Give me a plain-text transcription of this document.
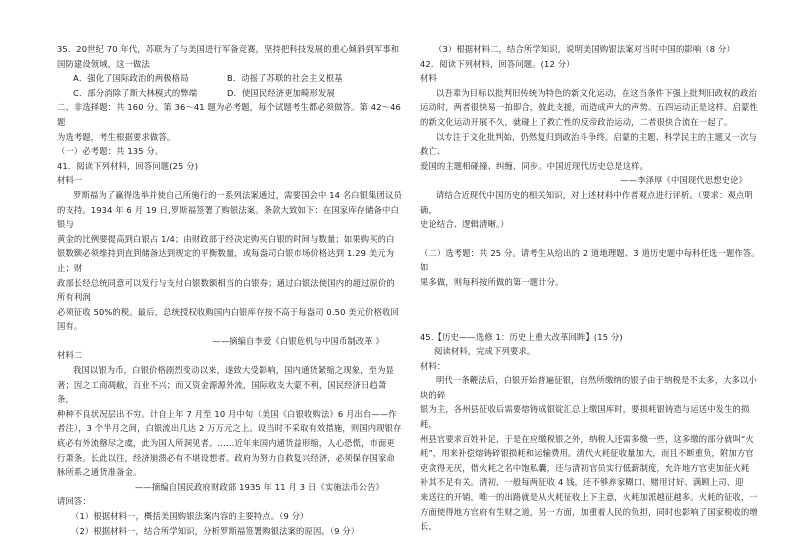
35．20世纪 70 年代，苏联为了与美国进行军备竞赛，坚持把科技发展的重心倾斜到军事和

国防建设领域，这一做法

A．强化了国际政治的两极格局	B．动摇了苏联的社会主义根基
C．部分消除了斯大林模式的弊端	D．使国民经济更加畸形发展

二、非选择题：共 160 分。第 36～41 题为必考题，每个试题考生都必须做答。第 42～46 题

为选考题，考生根据要求做答。

（一）必考题：共 135 分。

41．阅读下列材料，回答问题(25 分)

材料一

罗斯福为了赢得选举并使自己所施行的一系列法案通过，需要国会中 14 名白银集团议员

的支持。1934 年 6 月 19 日,罗斯福签署了购银法案。条款大致如下：在国家库存储备中白银与

黄金的比例要提高到白银占 1/4；由财政部于经决定购买白银的时间与数量；如果购买的白

银数额必须维持到直到储备达到规定的平衡数量，或每盎司白银市场价格达到 1.29 美元为止；财

政部长经总统同意可以发行与支付白银数额相当的白银券；通过白银法使国内的超过原价的所有利润

必须征收 50%的税。最后，总统授权收购国内白银库存按不高于每盎司 0.50 美元价格收回国有。

——摘编自李爱《白银危机与中国币制改革 》

材料二

我国以银为币，白银价格剧烈变动以来，遂致大受影响，国内通货紧缩之现象，至为显

著；因之工商凋敝，百业不兴；而又资金源源外流，国际收支大蒙不利，国民经济日趋萧条，

种种不良状况层出不穷。计自上年 7 月至 10 月中旬（美国《白银收购法》6 月出台——作

者注），3 个半月之间，白银流出几达 2 万万元之上。设当时不采取有效措施，则国内现银存

底必有外流罄尽之虞，此为国人所洞见者。……近年来国内通货益形缩，人心恐慌，市面更

行萧条。长此以往，经济崩溃必有不堪设想者。政府为努力自救复兴经济，必须保存国家命

脉所系之通货准备金。

——摘编自国民政府财政部 1935 年 11 月 3 日《实施法币公告》

请回答：

（1）根据材料一，概括美国购银法案内容的主要特点。（9 分）

（2）根据材料一，结合所学知识，分析罗斯福签署购银法案的原因。（9 分）

（3）根据材料二，结合所学知识，说明美国购银法案对当时中国的影响（8 分）

42．阅读下列材料，回答问题。(12 分）

材料

以吾辈为目标以批判旧传统为特色的新文化运动，在这当条件下强上批判旧政权的政治

运动时，两者很快易一拍即合，彼此支援，而造成声大的声势。五四运动正是这样。启蒙性

的新文化运动开展不久，就碰上了救亡性的反帝政治运动，二者很快合流在一起了。

以专注于文化批判始，仍然复归到政治斗争终。启蒙的主题、科学民主的主题又一次与救亡、

爱国的主题相碰撞、纠缠、同步。中国近现代历史总是这样。

——李泽厚《中国现代思想史论》

请结合近现代中国历史的相关知识，对上述材料中作者观点进行评析。（要求：观点明确，

史论结合、逻辑清晰。）

（二）选考题：共 25 分。请考生从给出的 2 道地理题、3 道历史题中每科任选一题作答。如

果多做，则每科按所做的第一题计分。

45.【历史——选修 1：历史上重大改革回眸】(15 分)

阅读材料，完成下列要求。

材料：

明代一条鞭法后，白银开始普遍征银，自然所缴纳的银子由于纳税是不太多，大多以小块的碎

银为主，各州县征收后需要熔铸成银锭汇总上缴国库时，要损耗银铸造与运送中发生的损耗，

州县官要求百姓补足，于是在应缴税银之外，纳税人还需多缴一些，这多缴的部分就叫“火

耗”，用来补偿熔铸碎银损耗和运输费用。清代火耗征收量加大，而且不断重负，附加方官

吏贪得无厌，借火耗之名中饱私囊，还与清初官员实行低薪制度，允许地方官吏加征火耗

补其不足有关。清初，一般每两征收 4 钱，还不够养家糊口、赌用讨好、满顾上司、迎

来送往的开销，唯一的出路就是从火耗征收上下主意，火耗加派越征越多。火耗的征收，一

方面使得地方官府有生财之道，另一方面，加重着人民的负担，同时也影响了国家税收的增长，
